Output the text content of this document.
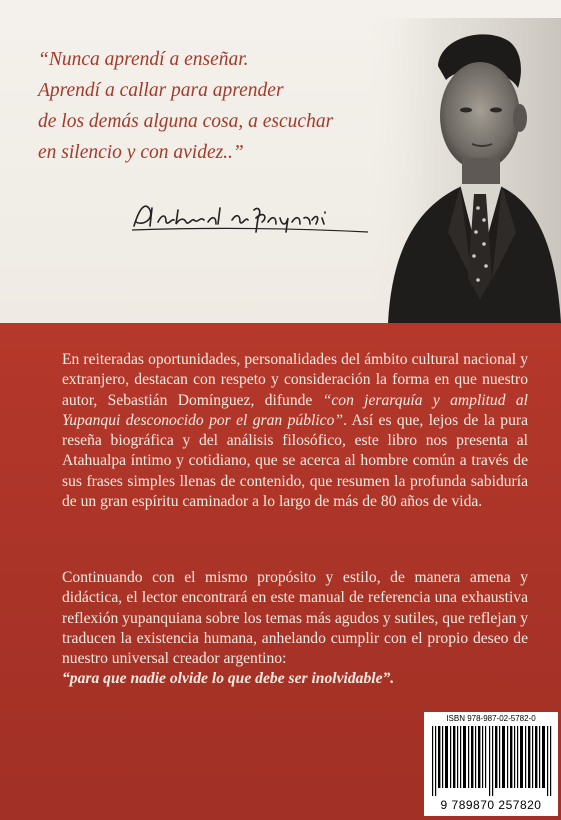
“Nunca aprendí a enseñar.
Aprendí a callar para aprender
de los demás alguna cosa, a escuchar
en silencio y con avidez..”
En reiteradas oportunidades, personalidades del ámbito cultural nacional y extranjero, destacan con respeto y consideración la forma en que nuestro autor, Sebastián Domínguez, difunde “con jerarquía y amplitud al Yupanqui desconocido por el gran público”. Así es que, lejos de la pura reseña biográfica y del análisis filosófico, este libro nos presenta al Atahualpa íntimo y cotidiano, que se acerca al hombre común a través de sus frases simples llenas de contenido, que resumen la profunda sabiduría de un gran espíritu caminador a lo largo de más de 80 años de vida.
Continuando con el mismo propósito y estilo, de manera amena y didáctica, el lector encontrará en este manual de referencia una exhaustiva reflexión yupanquiana sobre los temas más agudos y sutiles, que reflejan y traducen la existencia humana, anhelando cumplir con el propio deseo de nuestro universal creador argentino:
“para que nadie olvide lo que debe ser inolvidable”.
ISBN 978-987-02-5782-0
9 789870 257820
